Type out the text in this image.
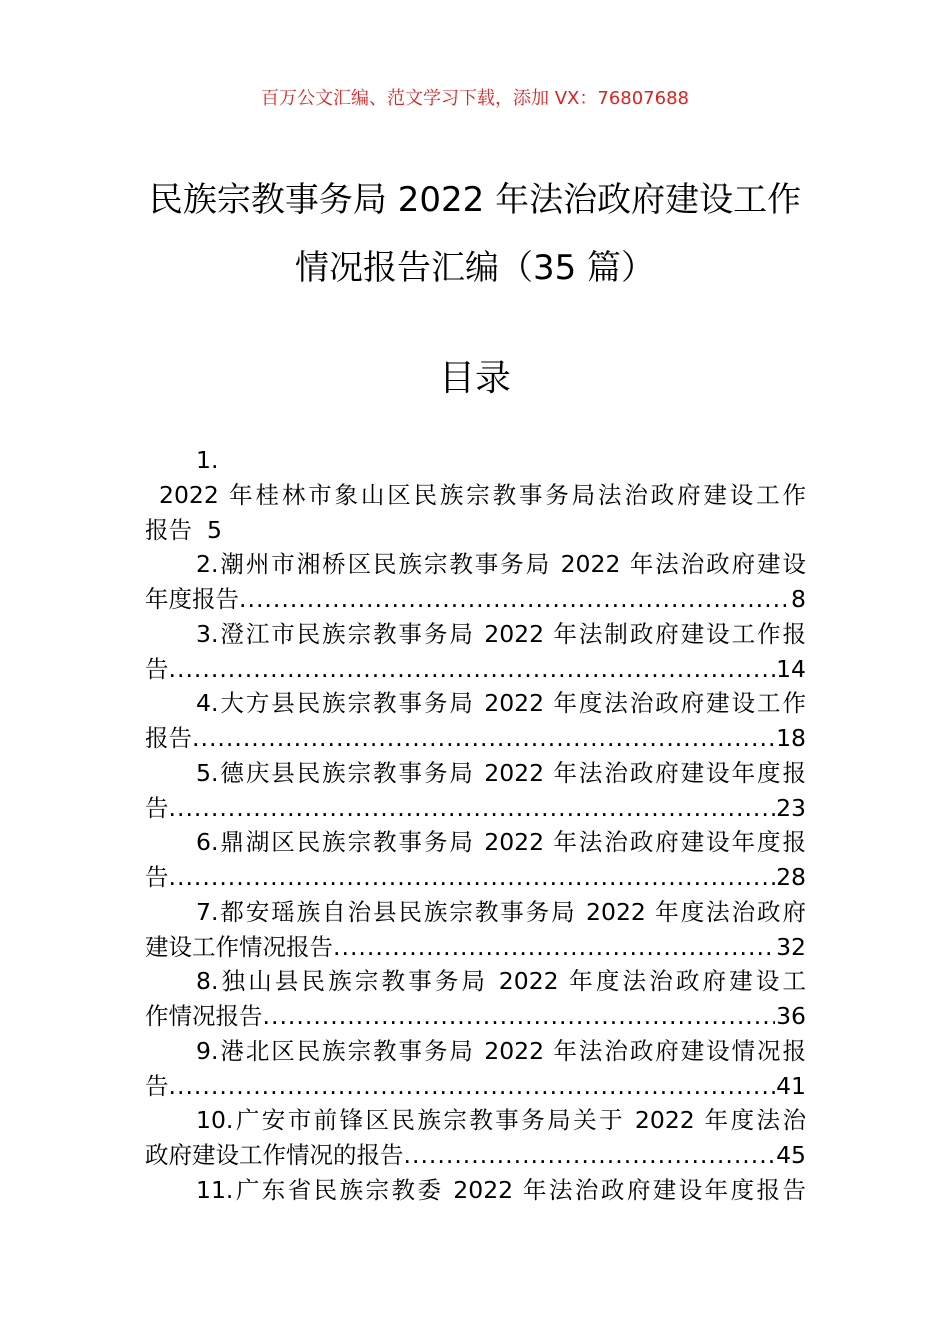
百万公文汇编、范文学习下载，添加 VX：76807688
民族宗教事务局 2022 年法治政府建设工作
情况报告汇编（35 篇）
目录
1.
2022 年桂林市象山区民族宗教事务局法治政府建设工作
报告  5
2.潮州市湘桥区民族宗教事务局 2022 年法治政府建设
年度报告 .....	8
3.澄江市民族宗教事务局 2022 年法制政府建设工作报
告 .....	14
4.大方县民族宗教事务局 2022 年度法治政府建设工作
报告 .....	18
5.德庆县民族宗教事务局 2022 年法治政府建设年度报
告 .....	23
6.鼎湖区民族宗教事务局 2022 年法治政府建设年度报
告 .....	28
7.都安瑶族自治县民族宗教事务局 2022 年度法治政府
建设工作情况报告 .....	32
8.独山县民族宗教事务局 2022 年度法治政府建设工
作情况报告 .....	36
9.港北区民族宗教事务局 2022 年法治政府建设情况报
告 .....	41
10.广安市前锋区民族宗教事务局关于 2022 年度法治
政府建设工作情况的报告 .....	45
11.广东省民族宗教委 2022 年法治政府建设年度报告
